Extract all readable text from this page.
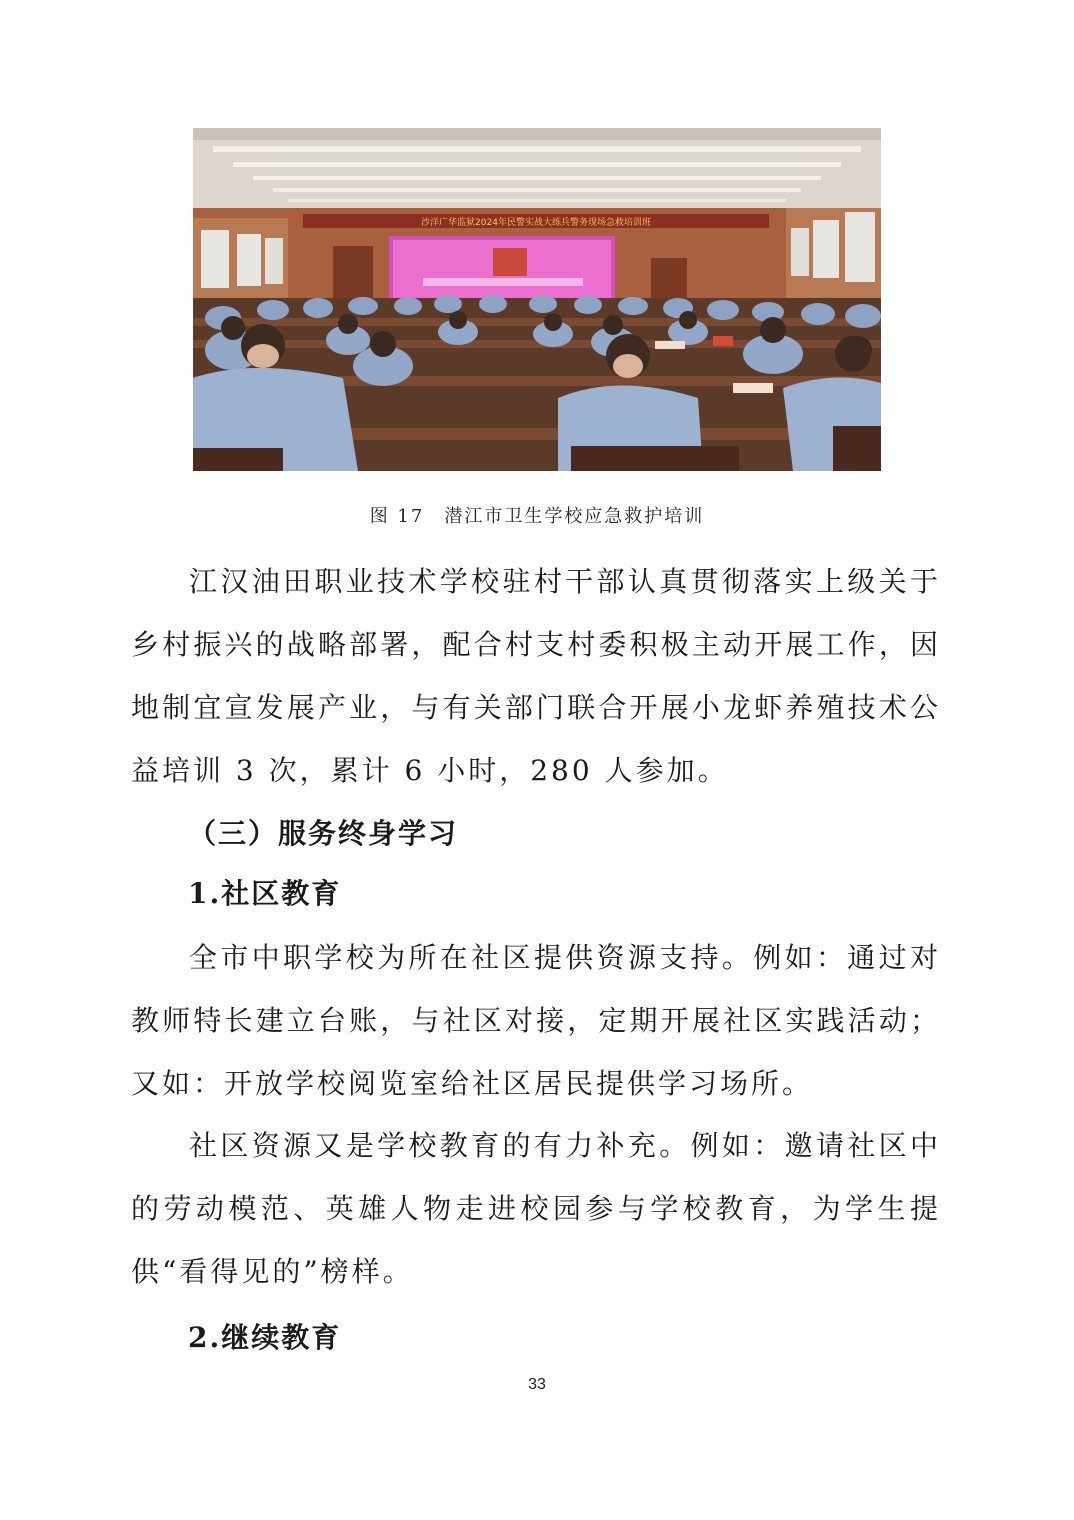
沙洋广华监狱2024年民警实战大练兵警务现场急救培训班
图 17　潜江市卫生学校应急救护培训

江汉油田职业技术学校驻村干部认真贯彻落实上级关于乡村振兴的战略部署，配合村支村委积极主动开展工作，因地制宜宣发展产业，与有关部门联合开展小龙虾养殖技术公益培训 3 次，累计 6 小时，280 人参加。

（三）服务终身学习
1.社区教育

全市中职学校为所在社区提供资源支持。例如：通过对教师特长建立台账，与社区对接，定期开展社区实践活动；又如：开放学校阅览室给社区居民提供学习场所。

社区资源又是学校教育的有力补充。例如：邀请社区中的劳动模范、英雄人物走进校园参与学校教育，为学生提供“看得见的”榜样。

2.继续教育
33
